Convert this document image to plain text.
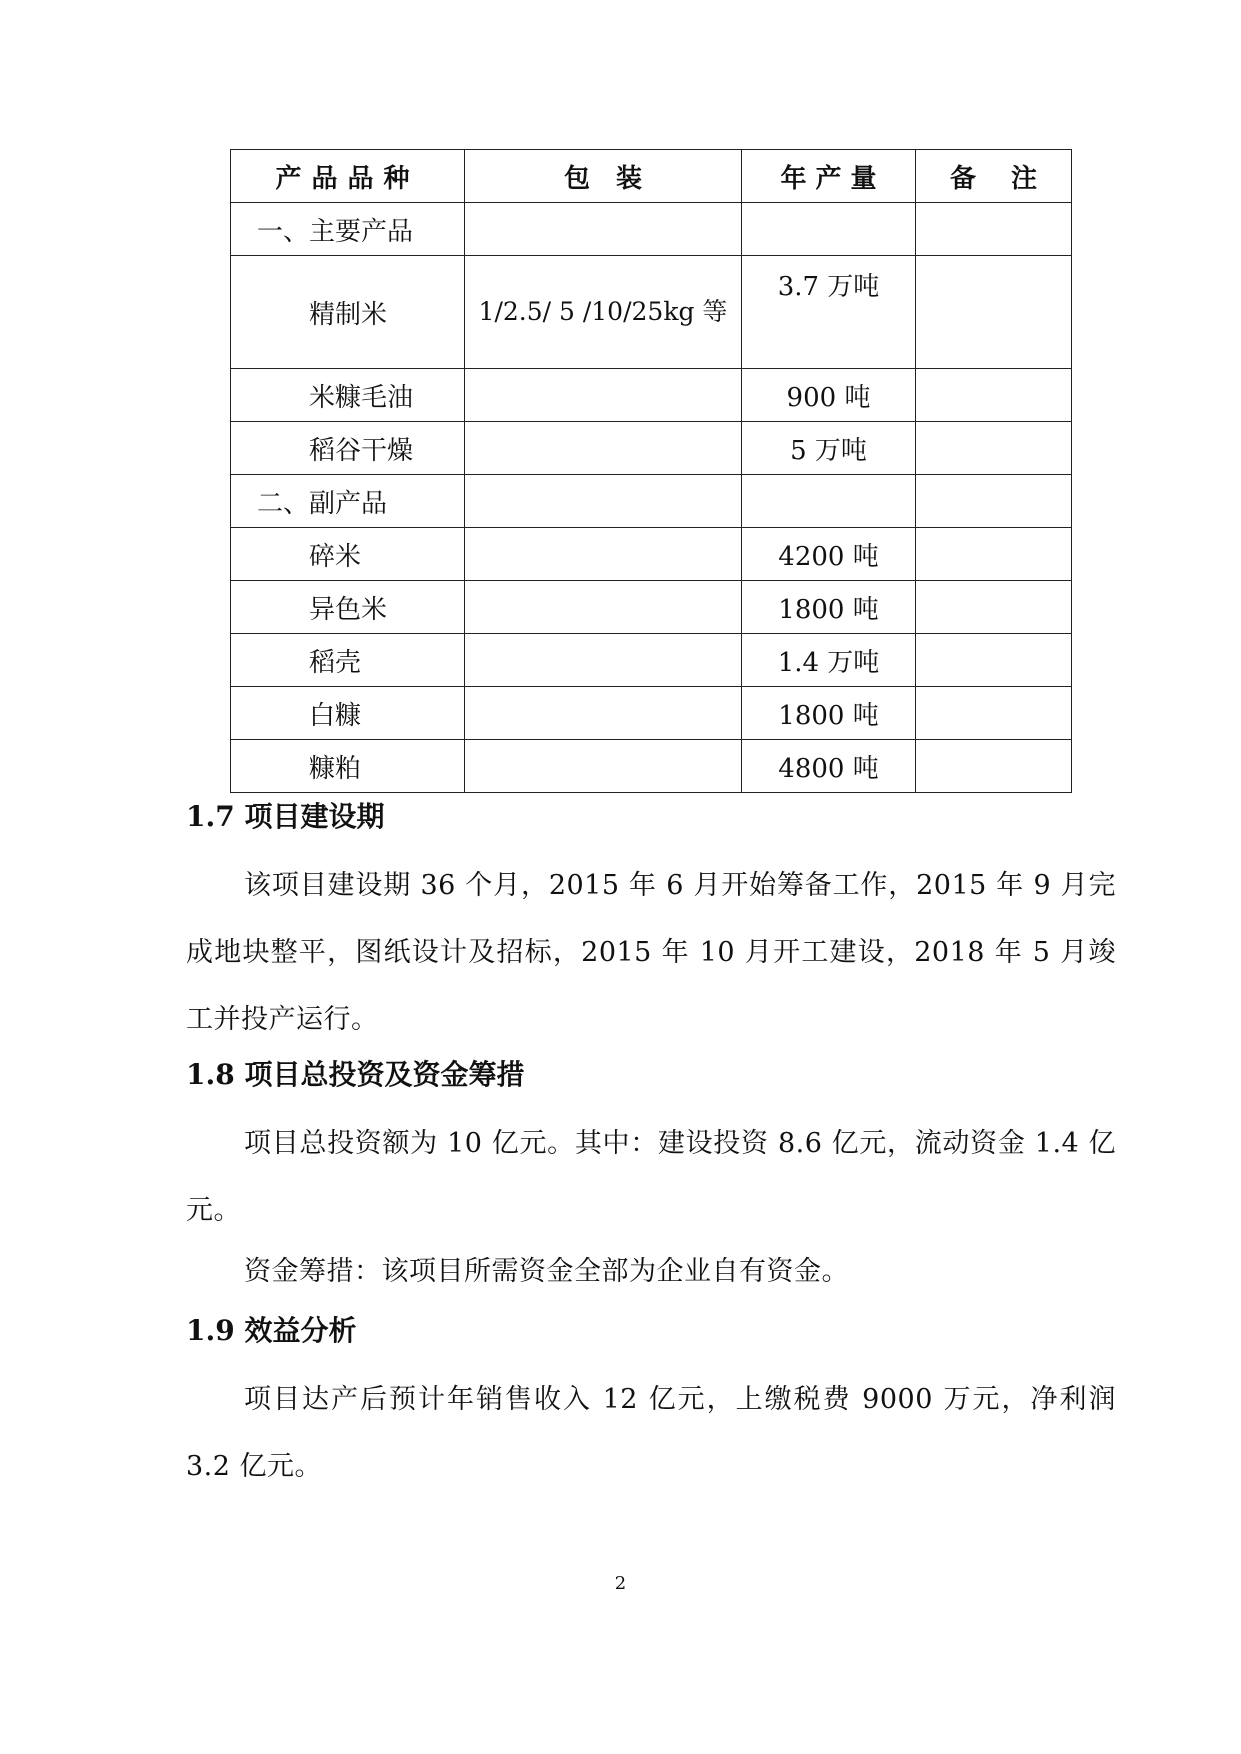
产品品种	包　装	年 产 量	备　 注
一、主要产品			
精制米	1/2.5/ 5 /10/25kg 等	3.7 万吨	
米糠毛油		900 吨	
稻谷干燥		5 万吨	
二、副产品			
碎米		4200 吨	
异色米		1800 吨	
稻壳		1.4 万吨	
白糠		1800 吨	
糠粕		4800 吨	
1.7 项目建设期

该项目建设期 36 个月，2015 年 6 月开始筹备工作，2015 年 9 月完成地块整平，图纸设计及招标，2015 年 10 月开工建设，2018 年 5 月竣工并投产运行。

1.8 项目总投资及资金筹措

项目总投资额为 10 亿元。其中：建设投资 8.6 亿元，流动资金 1.4 亿元。

资金筹措：该项目所需资金全部为企业自有资金。

1.9 效益分析

项目达产后预计年销售收入 12 亿元，上缴税费 9000 万元，净利润 3.2 亿元。

2
